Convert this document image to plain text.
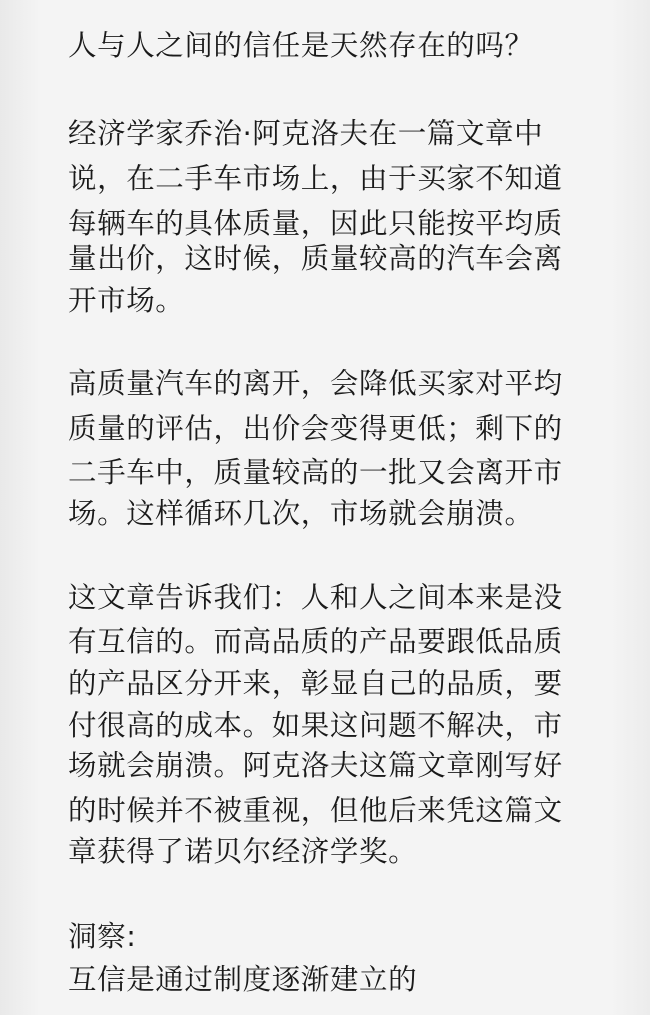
人与人之间的信任是天然存在的吗？
经济学家乔治·阿克洛夫在一篇文章中
说，在二手车市场上，由于买家不知道
每辆车的具体质量，因此只能按平均质
量出价，这时候，质量较高的汽车会离
开市场。
高质量汽车的离开，会降低买家对平均
质量的评估，出价会变得更低；剩下的
二手车中，质量较高的一批又会离开市
场。这样循环几次，市场就会崩溃。
这文章告诉我们：人和人之间本来是没
有互信的。而高品质的产品要跟低品质
的产品区分开来，彰显自己的品质，要
付很高的成本。如果这问题不解决，市
场就会崩溃。阿克洛夫这篇文章刚写好
的时候并不被重视，但他后来凭这篇文
章获得了诺贝尔经济学奖。
洞察:
互信是通过制度逐渐建立的
